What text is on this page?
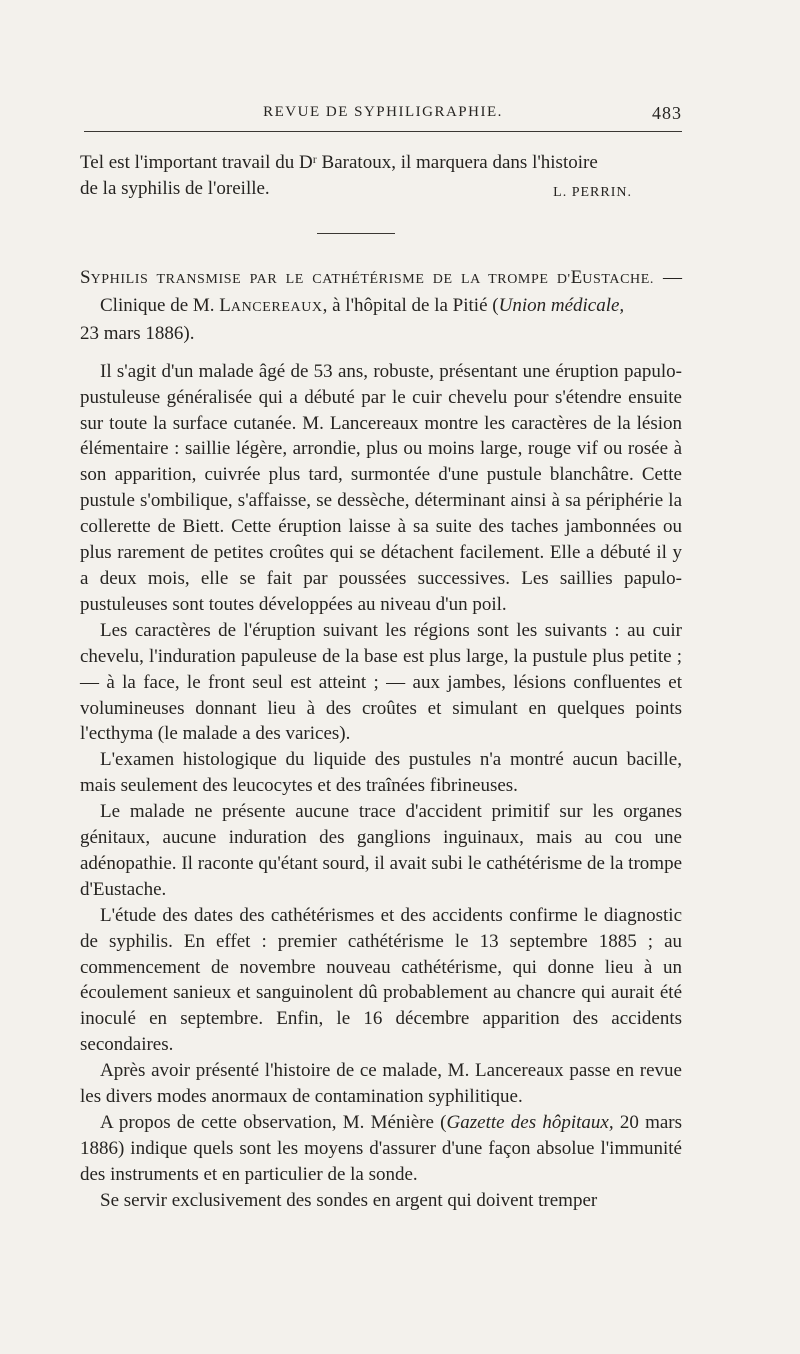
REVUE DE SYPHILIGRAPHIE.	483

Tel est l'important travail du Dʳ Baratoux, il marquera dans l'histoire

de la syphilis de l'oreille.	L. PERRIN.

SYPHILIS TRANSMISE PAR LE CATHÉTÉRISME DE LA TROMPE D'EUSTACHE. — Clinique de M. LANCEREAUX, à l'hôpital de la Pitié (Union médicale,
23 mars 1886).

Il s'agit d'un malade âgé de 53 ans, robuste, présentant une éruption papulo-pustuleuse généralisée qui a débuté par le cuir chevelu pour s'étendre ensuite sur toute la surface cutanée. M. Lancereaux montre les caractères de la lésion élémentaire : saillie légère, arrondie, plus ou moins large, rouge vif ou rosée à son apparition, cuivrée plus tard, surmontée d'une pustule blanchâtre. Cette pustule s'ombilique, s'affaisse, se dessèche, déterminant ainsi à sa périphérie la collerette de Biett. Cette éruption laisse à sa suite des taches jambonnées ou plus rarement de petites croûtes qui se détachent facilement. Elle a débuté il y a deux mois, elle se fait par poussées successives. Les saillies papulo-pustuleuses sont toutes développées au niveau d'un poil.

Les caractères de l'éruption suivant les régions sont les suivants : au cuir chevelu, l'induration papuleuse de la base est plus large, la pustule plus petite ; — à la face, le front seul est atteint ; — aux jambes, lésions confluentes et volumineuses donnant lieu à des croûtes et simulant en quelques points l'ecthyma (le malade a des varices).

L'examen histologique du liquide des pustules n'a montré aucun bacille, mais seulement des leucocytes et des traînées fibrineuses.

Le malade ne présente aucune trace d'accident primitif sur les organes génitaux, aucune induration des ganglions inguinaux, mais au cou une adénopathie. Il raconte qu'étant sourd, il avait subi le cathétérisme de la trompe d'Eustache.

L'étude des dates des cathétérismes et des accidents confirme le diagnostic de syphilis. En effet : premier cathétérisme le 13 septembre 1885 ; au commencement de novembre nouveau cathétérisme, qui donne lieu à un écoulement sanieux et sanguinolent dû probablement au chancre qui aurait été inoculé en septembre. Enfin, le 16 décembre apparition des accidents secondaires.

Après avoir présenté l'histoire de ce malade, M. Lancereaux passe en revue les divers modes anormaux de contamination syphilitique.

A propos de cette observation, M. Ménière (Gazette des hôpitaux, 20 mars 1886) indique quels sont les moyens d'assurer d'une façon absolue l'immunité des instruments et en particulier de la sonde.

Se servir exclusivement des sondes en argent qui doivent tremper
